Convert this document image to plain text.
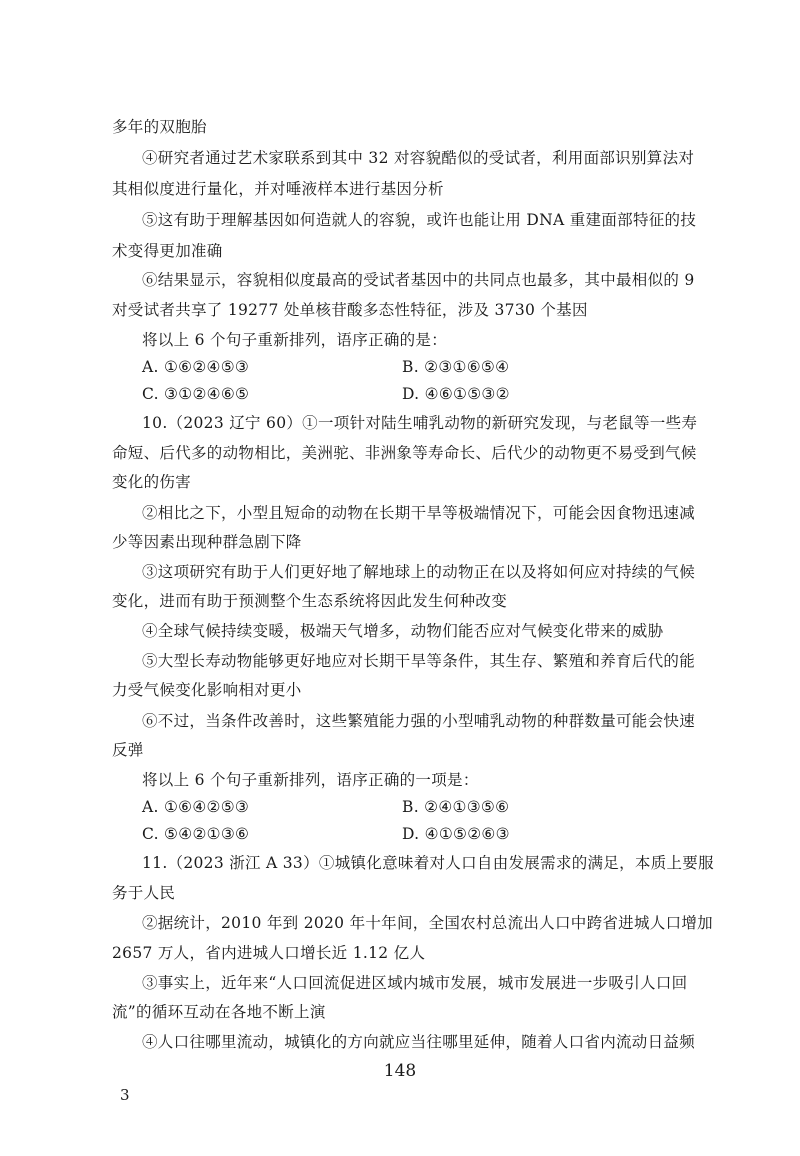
多年的双胞胎
④研究者通过艺术家联系到其中 32 对容貌酷似的受试者，利用面部识别算法对
其相似度进行量化，并对唾液样本进行基因分析
⑤这有助于理解基因如何造就人的容貌，或许也能让用 DNA 重建面部特征的技
术变得更加准确
⑥结果显示，容貌相似度最高的受试者基因中的共同点也最多，其中最相似的 9
对受试者共享了 19277 处单核苷酸多态性特征，涉及 3730 个基因
将以上 6 个句子重新排列，语序正确的是：
A. ①⑥②④⑤③	B. ②③①⑥⑤④
C. ③①②④⑥⑤	D. ④⑥①⑤③②
10.（2023 辽宁 60）①一项针对陆生哺乳动物的新研究发现，与老鼠等一些寿
命短、后代多的动物相比，美洲驼、非洲象等寿命长、后代少的动物更不易受到气候
变化的伤害
②相比之下，小型且短命的动物在长期干旱等极端情况下，可能会因食物迅速减
少等因素出现种群急剧下降
③这项研究有助于人们更好地了解地球上的动物正在以及将如何应对持续的气候
变化，进而有助于预测整个生态系统将因此发生何种改变
④全球气候持续变暖，极端天气增多，动物们能否应对气候变化带来的威胁
⑤大型长寿动物能够更好地应对长期干旱等条件，其生存、繁殖和养育后代的能
力受气候变化影响相对更小
⑥不过，当条件改善时，这些繁殖能力强的小型哺乳动物的种群数量可能会快速
反弹
将以上 6 个句子重新排列，语序正确的一项是：
A. ①⑥④②⑤③	B. ②④①③⑤⑥
C. ⑤④②①③⑥	D. ④①⑤②⑥③
11.（2023 浙江 A 33）①城镇化意味着对人口自由发展需求的满足，本质上要服
务于人民
②据统计，2010 年到 2020 年十年间，全国农村总流出人口中跨省进城人口增加
2657 万人，省内进城人口增长近 1.12 亿人
③事实上，近年来“人口回流促进区域内城市发展，城市发展进一步吸引人口回
流”的循环互动在各地不断上演
④人口往哪里流动，城镇化的方向就应当往哪里延伸，随着人口省内流动日益频
148
3
